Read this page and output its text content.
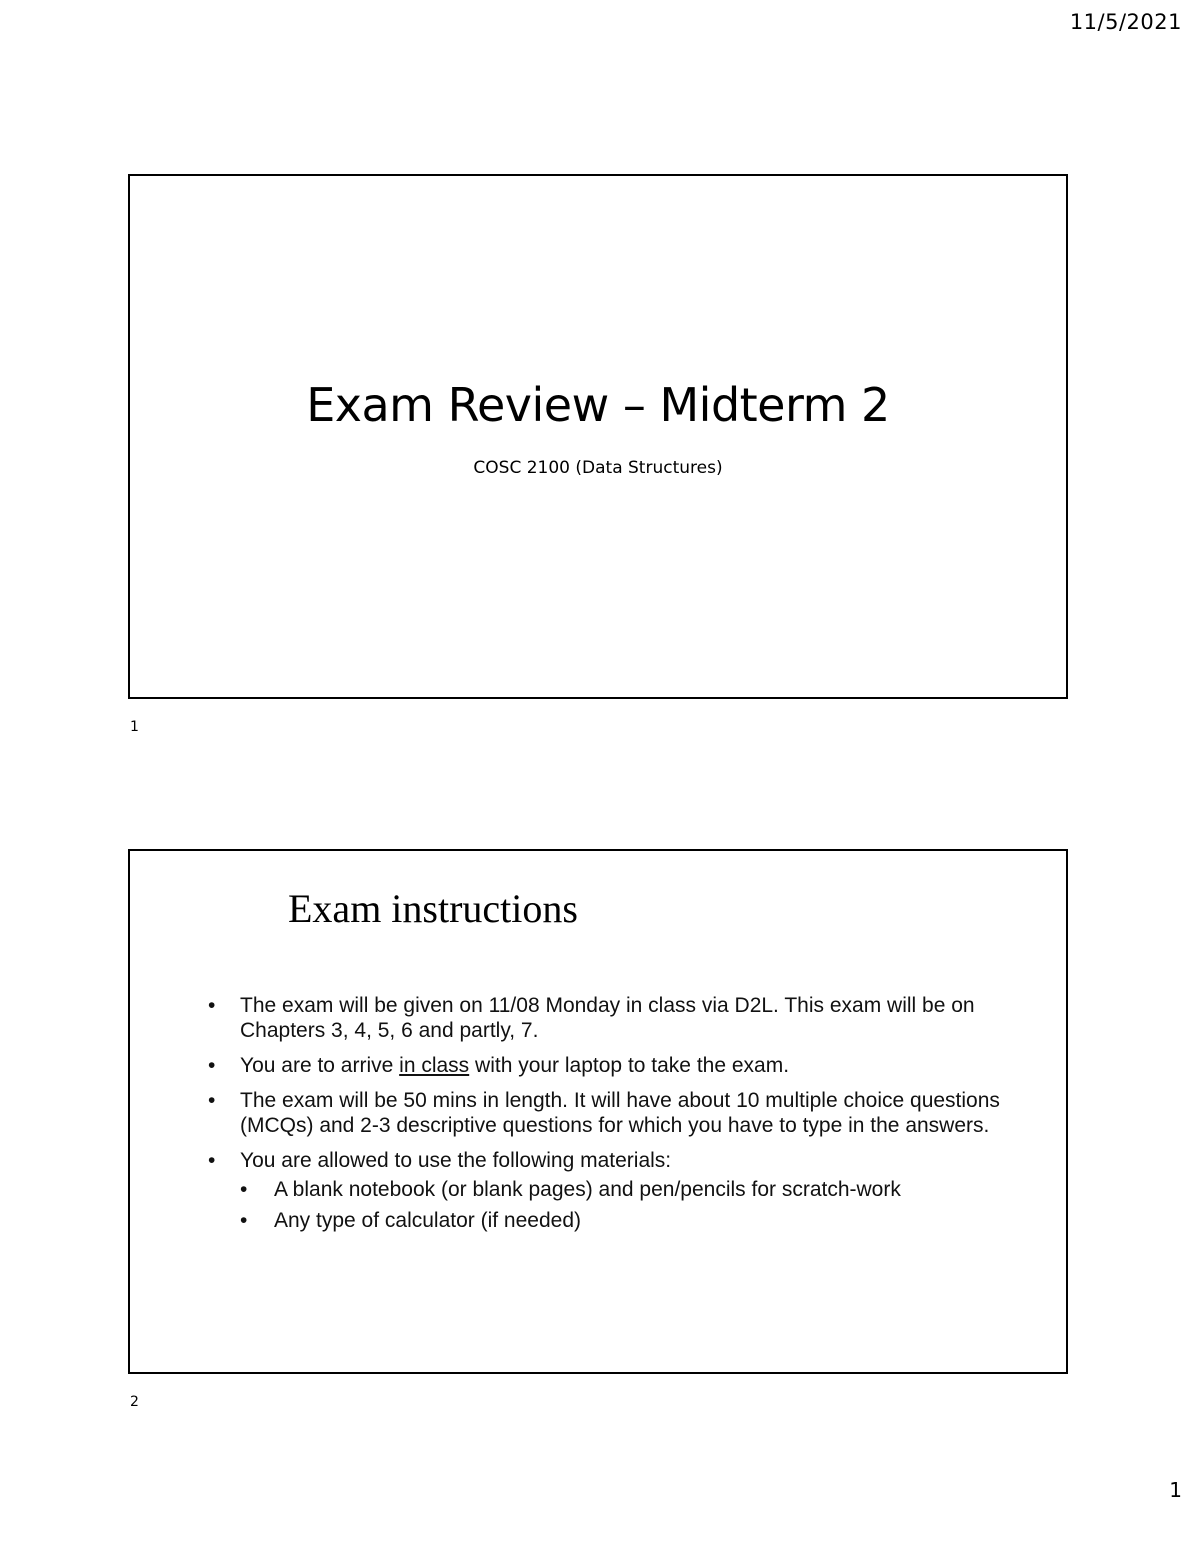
11/5/2021
Exam Review – Midterm 2
COSC 2100 (Data Structures)
1
Exam instructions
• The exam will be given on 11/08 Monday in class via D2L. This exam will be on Chapters 3, 4, 5, 6 and partly, 7.
• You are to arrive in class with your laptop to take the exam.
• The exam will be 50 mins in length. It will have about 10 multiple choice questions (MCQs) and 2-3 descriptive questions for which you have to type in the answers.
• You are allowed to use the following materials:
• A blank notebook (or blank pages) and pen/pencils for scratch-work
• Any type of calculator (if needed)
2
1
